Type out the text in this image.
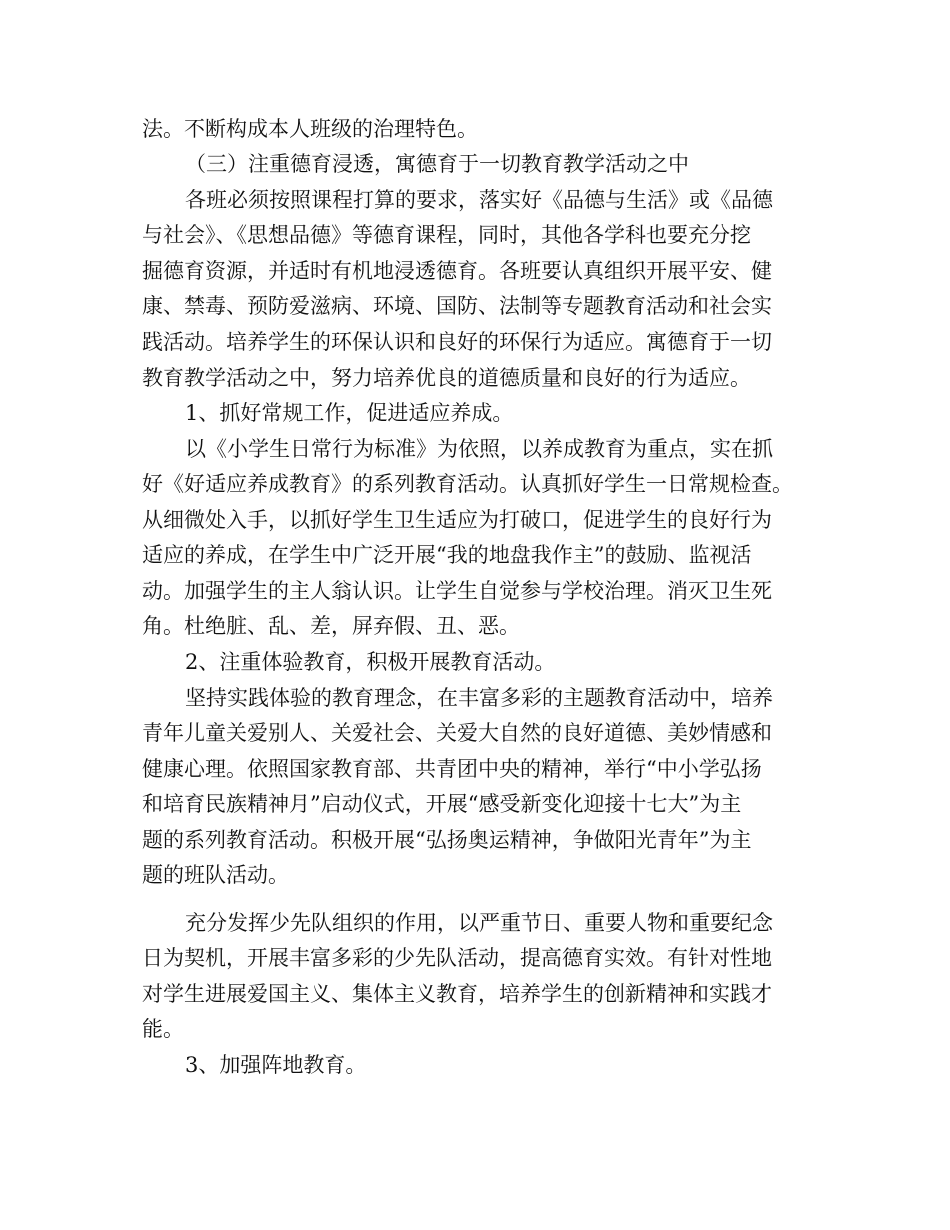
法。不断构成本人班级的治理特色。
（三）注重德育浸透，寓德育于一切教育教学活动之中
各班必须按照课程打算的要求，落实好《品德与生活》或《品德
与社会》、《思想品德》等德育课程，同时，其他各学科也要充分挖
掘德育资源，并适时有机地浸透德育。各班要认真组织开展平安、健
康、禁毒、预防爱滋病、环境、国防、法制等专题教育活动和社会实
践活动。培养学生的环保认识和良好的环保行为适应。寓德育于一切
教育教学活动之中，努力培养优良的道德质量和良好的行为适应。
1、抓好常规工作，促进适应养成。
以《小学生日常行为标准》为依照，以养成教育为重点，实在抓
好《好适应养成教育》的系列教育活动。认真抓好学生一日常规检查。
从细微处入手，以抓好学生卫生适应为打破口，促进学生的良好行为
适应的养成，在学生中广泛开展“我的地盘我作主”的鼓励、监视活
动。加强学生的主人翁认识。让学生自觉参与学校治理。消灭卫生死
角。杜绝脏、乱、差，屏弃假、丑、恶。
2、注重体验教育，积极开展教育活动。
坚持实践体验的教育理念，在丰富多彩的主题教育活动中，培养
青年儿童关爱别人、关爱社会、关爱大自然的良好道德、美妙情感和
健康心理。依照国家教育部、共青团中央的精神，举行“中小学弘扬
和培育民族精神月”启动仪式，开展“感受新变化迎接十七大”为主
题的系列教育活动。积极开展“弘扬奥运精神，争做阳光青年”为主
题的班队活动。
充分发挥少先队组织的作用，以严重节日、重要人物和重要纪念
日为契机，开展丰富多彩的少先队活动，提高德育实效。有针对性地
对学生进展爱国主义、集体主义教育，培养学生的创新精神和实践才
能。
3、加强阵地教育。
